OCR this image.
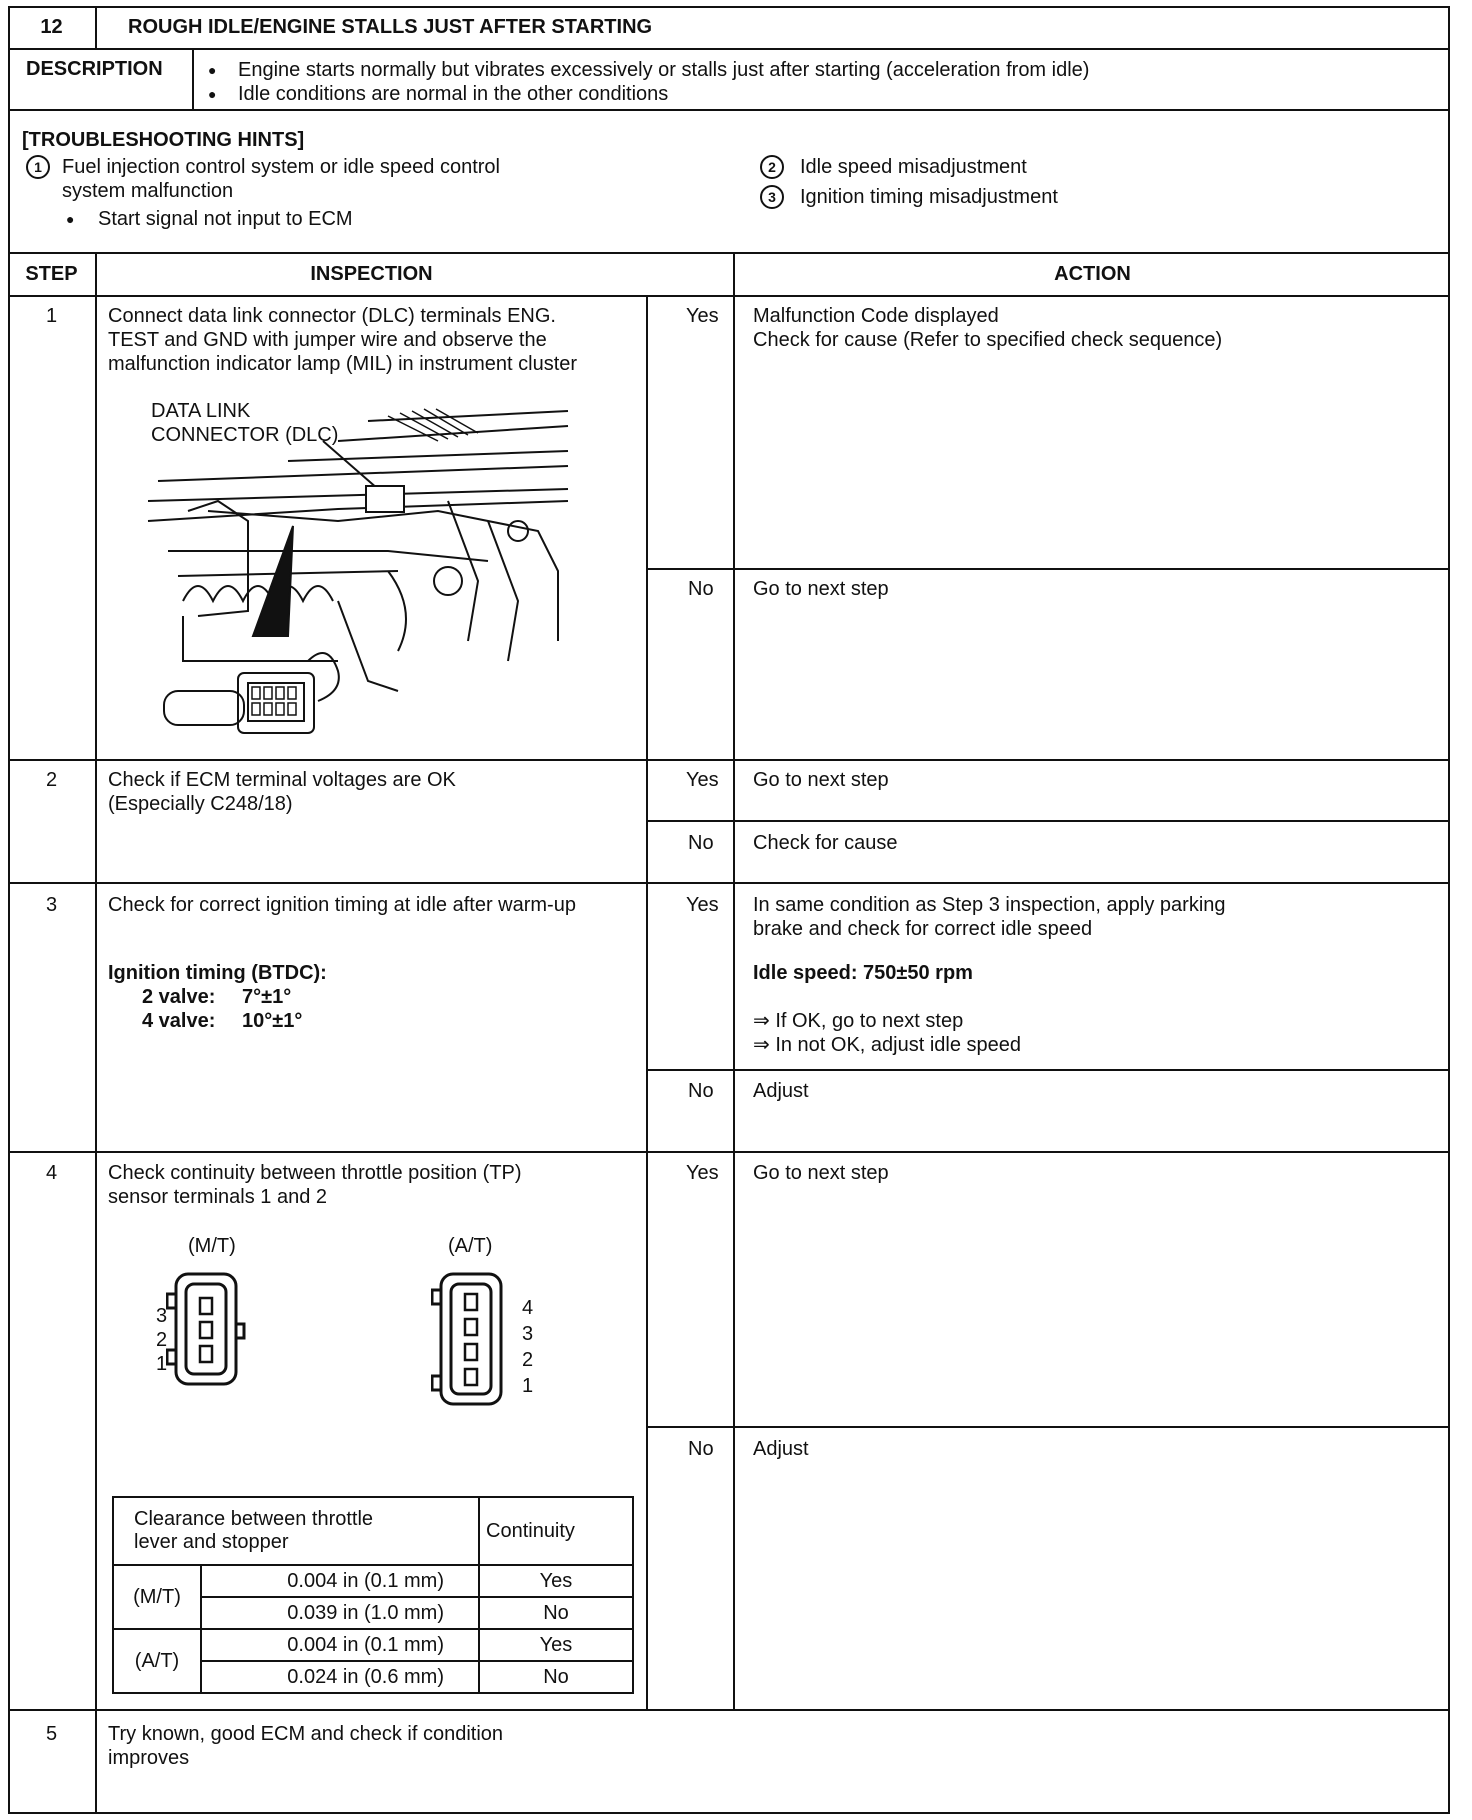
12	ROUGH IDLE/ENGINE STALLS JUST AFTER STARTING
DESCRIPTION	● Engine starts normally but vibrates excessively or stalls just after starting (acceleration from idle)
● Idle conditions are normal in the other conditions
[TROUBLESHOOTING HINTS]
1	Fuel injection control system or idle speed control
system malfunction
● Start signal not input to ECM
2	Idle speed misadjustment
3	Ignition timing misadjustment
STEP	INSPECTION	ACTION
1	Connect data link connector (DLC) terminals ENG.
TEST and GND with jumper wire and observe the
malfunction indicator lamp (MIL) in instrument cluster
DATA LINK
CONNECTOR (DLC)
Yes Malfunction Code displayed
Check for cause (Refer to specified check sequence)
No Go to next step
2	Check if ECM terminal voltages are OK
(Especially C248/18)
Yes Go to next step
No Check for cause
3	Check for correct ignition timing at idle after warm-up
Ignition timing (BTDC):
2 valve: 7°±1°
4 valve: 10°±1°
Yes In same condition as Step 3 inspection, apply parking
brake and check for correct idle speed
Idle speed: 750±50 rpm
⇒ If OK, go to next step
⇒ In not OK, adjust idle speed
No Adjust
4	Check continuity between throttle position (TP)
sensor terminals 1 and 2
(M/T)	(A/T)
3
2
1
4
3
2
1
Clearance between throttle
lever and stopper		Continuity
(M/T)	0.004 in (0.1 mm)	Yes
	0.039 in (1.0 mm)	No
(A/T)	0.004 in (0.1 mm)	Yes
	0.024 in (0.6 mm)	No
Yes Go to next step
No Adjust
5	Try known, good ECM and check if condition
improves
